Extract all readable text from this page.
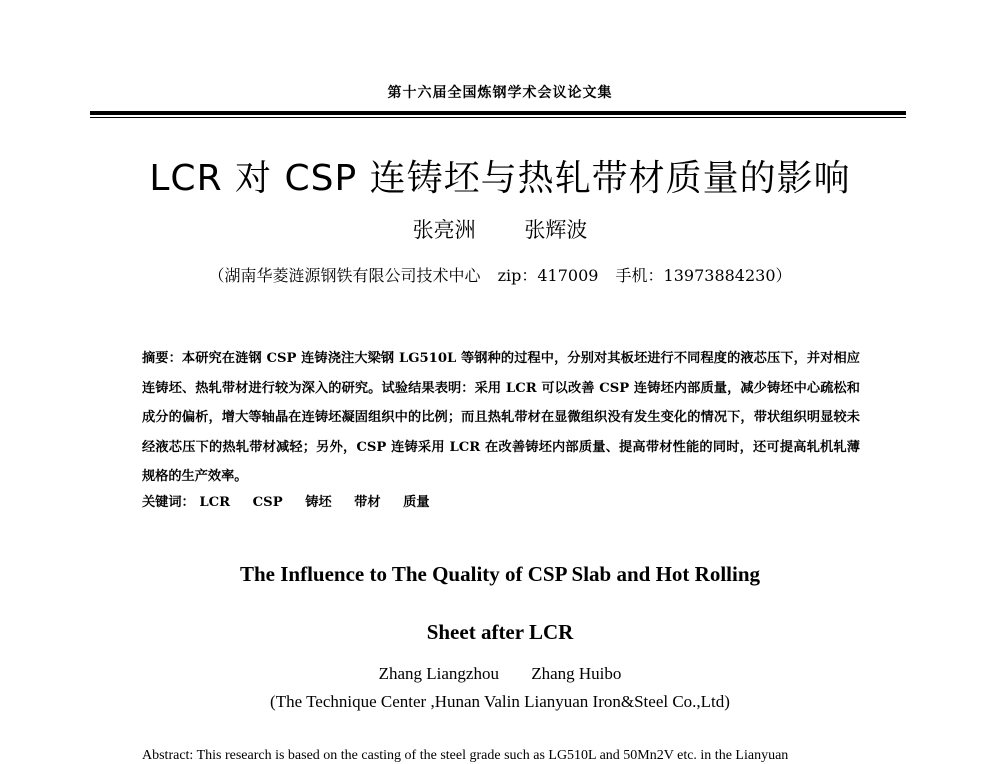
第十六届全国炼钢学术会议论文集
LCR 对 CSP 连铸坯与热轧带材质量的影响
张亮洲 张辉波
（湖南华菱涟源钢铁有限公司技术中心 zip：417009 手机：13973884230）
摘要：本研究在涟钢 CSP 连铸浇注大梁钢 LG510L 等钢种的过程中，分别对其板坯进行不同程度的液芯压下，并对相应连铸坯、热轧带材进行较为深入的研究。试验结果表明：采用 LCR 可以改善 CSP 连铸坯内部质量，减少铸坯中心疏松和成分的偏析，增大等轴晶在连铸坯凝固组织中的比例；而且热轧带材在显微组织没有发生变化的情况下，带状组织明显较未经液芯压下的热轧带材减轻；另外，CSP 连铸采用 LCR 在改善铸坯内部质量、提高带材性能的同时，还可提高轧机轧薄规格的生产效率。
关键词： LCR CSP 铸坯 带材 质量
The Influence to The Quality of CSP Slab and Hot Rolling
Sheet after LCR
Zhang Liangzhou Zhang Huibo
(The Technique Center ,Hunan Valin Lianyuan Iron&Steel Co.,Ltd)
Abstract: This research is based on the casting of the steel grade such as LG510L and 50Mn2V etc. in the Lianyuan
